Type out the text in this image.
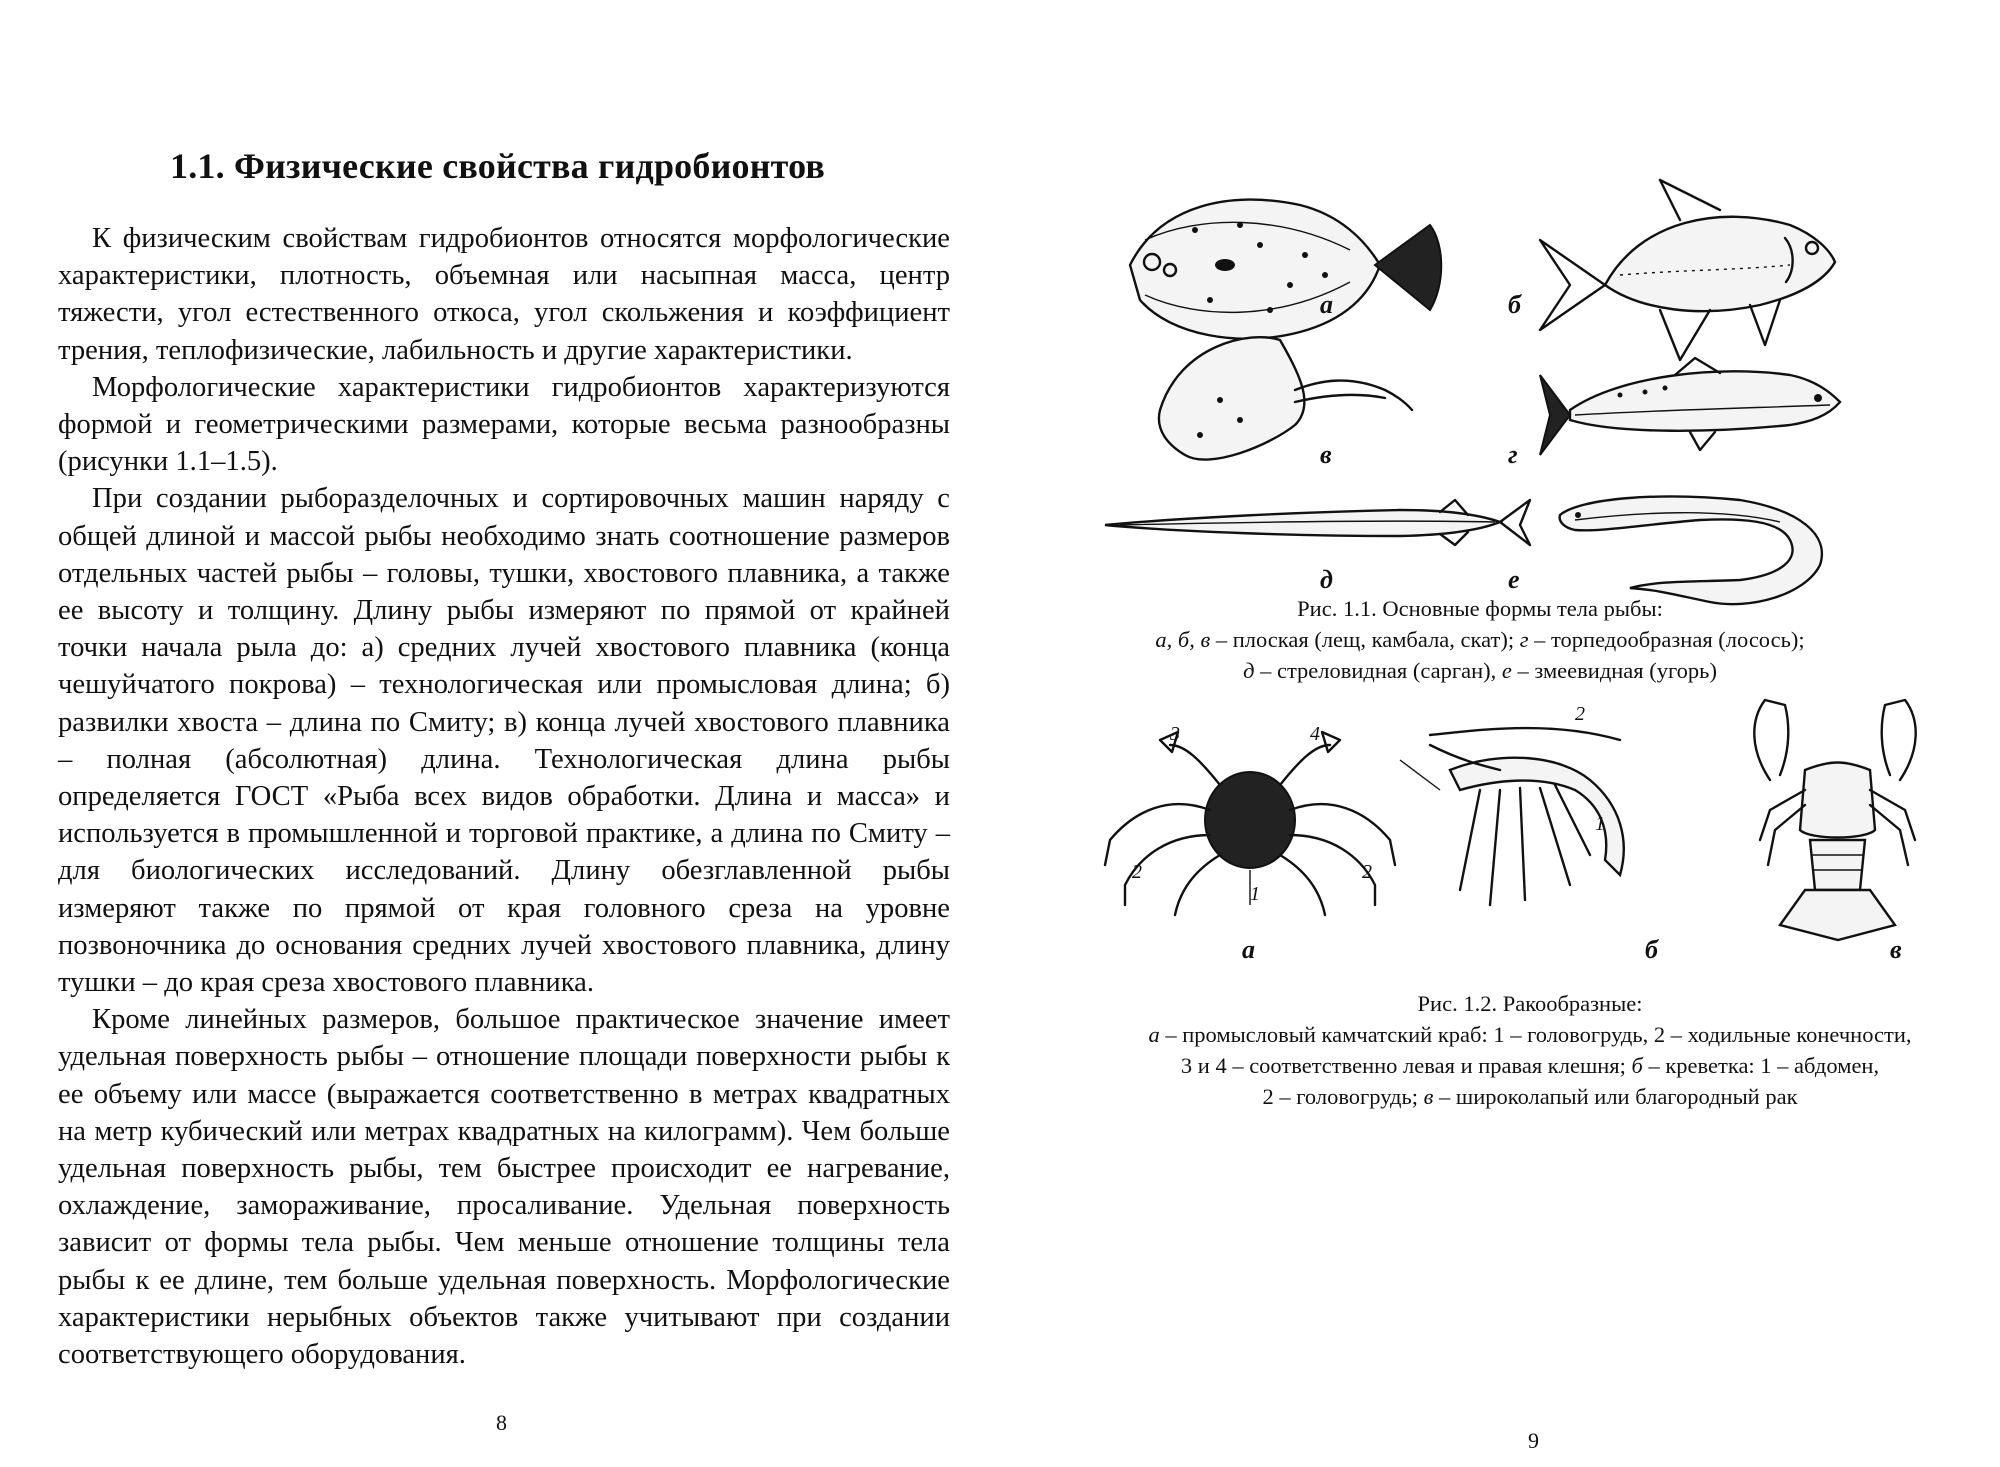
1.1. Физические свойства гидробионтов

К физическим свойствам гидробионтов относятся морфологические характеристики, плотность, объемная или насыпная масса, центр тяжести, угол естественного откоса, угол скольжения и коэффициент трения, теплофизические, лабильность и другие характеристики.

Морфологические характеристики гидробионтов характеризуются формой и геометрическими размерами, которые весьма разнообразны (рисунки 1.1–1.5).

При создании рыборазделочных и сортировочных машин наряду с общей длиной и массой рыбы необходимо знать соотношение размеров отдельных частей рыбы – головы, тушки, хвостового плавника, а также ее высоту и толщину. Длину рыбы измеряют по прямой от крайней точки начала рыла до: а) средних лучей хвостового плавника (конца чешуйчатого покрова) – технологическая или промысловая длина; б) развилки хвоста – длина по Смиту; в) конца лучей хвостового плавника – полная (абсолютная) длина. Технологическая длина рыбы определяется ГОСТ «Рыба всех видов обработки. Длина и масса» и используется в промышленной и торговой практике, а длина по Смиту – для биологических исследований. Длину обезглавленной рыбы измеряют также по прямой от края головного среза на уровне позвоночника до основания средних лучей хвостового плавника, длину тушки – до края среза хвостового плавника.

Кроме линейных размеров, большое практическое значение имеет удельная поверхность рыбы – отношение площади поверхности рыбы к ее объему или массе (выражается соответственно в метрах квадратных на метр кубический или метрах квадратных на килограмм). Чем больше удельная поверхность рыбы, тем быстрее происходит ее нагревание, охлаждение, замораживание, просаливание. Удельная поверхность зависит от формы тела рыбы. Чем меньше отношение толщины тела рыбы к ее длине, тем больше удельная поверхность. Морфологические характеристики нерыбных объектов также учитывают при создании соответствующего оборудования.

8
а	б
в	г
д	е
Рис. 1.1. Основные формы тела рыбы:
а, б, в – плоская (лещ, камбала, скат); г – торпедообразная (лосось);
д – стреловидная (сарган), е – змеевидная (угорь)
3	4
2
1
2
2
1
а	б	в
Рис. 1.2. Ракообразные:
а – промысловый камчатский краб: 1 – головогрудь, 2 – ходильные конечности,
3 и 4 – соответственно левая и правая клешня; б – креветка: 1 – абдомен,
2 – головогрудь; в – широколапый или благородный рак
9
